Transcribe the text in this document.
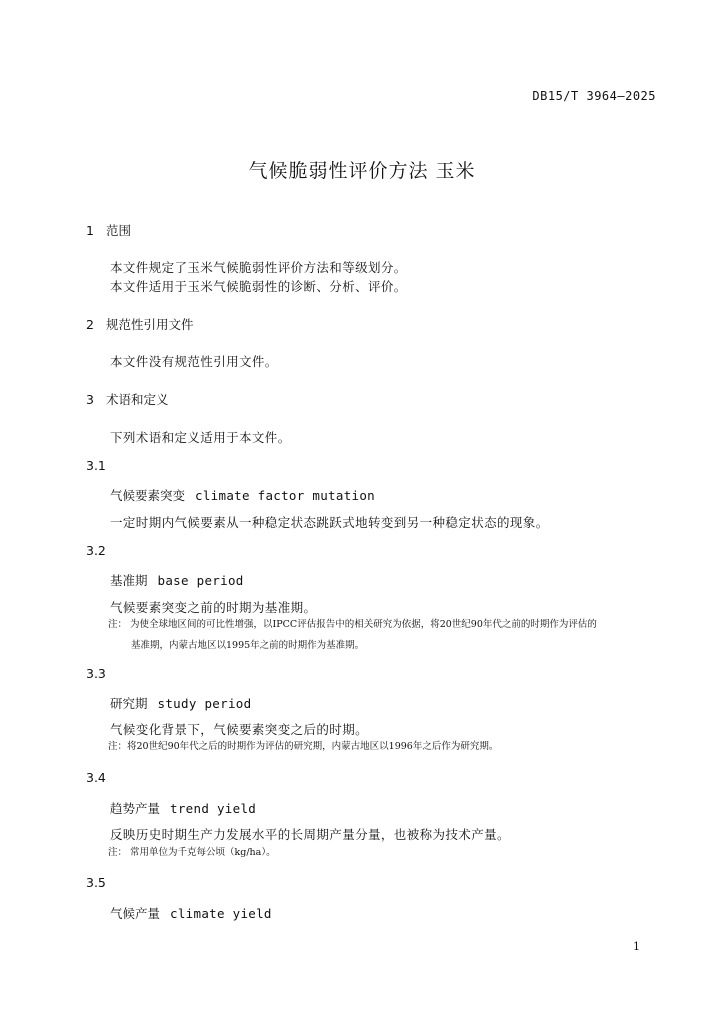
DB15/T 3964—2025
气候脆弱性评价方法 玉米
1 范围
本文件规定了玉米气候脆弱性评价方法和等级划分。
本文件适用于玉米气候脆弱性的诊断、分析、评价。
2 规范性引用文件
本文件没有规范性引用文件。
3 术语和定义
下列术语和定义适用于本文件。
3.1
气候要素突变 climate factor mutation
一定时期内气候要素从一种稳定状态跳跃式地转变到另一种稳定状态的现象。
3.2
基准期 base period
气候要素突变之前的时期为基准期。
注： 为使全球地区间的可比性增强，以IPCC评估报告中的相关研究为依据，将20世纪90年代之前的时期作为评估的
基准期，内蒙古地区以1995年之前的时期作为基准期。
3.3
研究期 study period
气候变化背景下，气候要素突变之后的时期。
注：将20世纪90年代之后的时期作为评估的研究期，内蒙古地区以1996年之后作为研究期。
3.4
趋势产量 trend yield
反映历史时期生产力发展水平的长周期产量分量，也被称为技术产量。
注： 常用单位为千克每公顷（kg/ha）。
3.5
气候产量 climate yield
1
